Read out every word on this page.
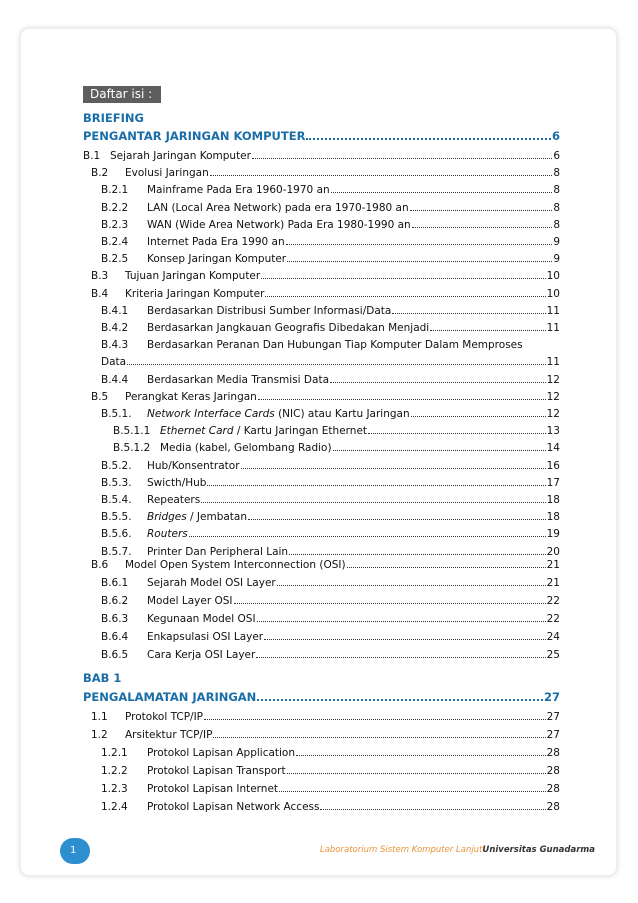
Daftar isi :
BRIEFING
PENGANTAR JARINGAN KOMPUTER	6
B.1 Sejarah Jaringan Komputer	6
B.2 Evolusi Jaringan	8
B.2.1 Mainframe Pada Era 1960-1970 an	8
B.2.2 LAN (Local Area Network) pada era 1970-1980 an	8
B.2.3 WAN (Wide Area Network) Pada Era 1980-1990 an	8
B.2.4 Internet Pada Era 1990 an	9
B.2.5 Konsep Jaringan Komputer	9
B.3 Tujuan Jaringan Komputer	10
B.4 Kriteria Jaringan Komputer	10
B.4.1 Berdasarkan Distribusi Sumber Informasi/Data	11
B.4.2 Berdasarkan Jangkauan Geografis Dibedakan Menjadi	11
B.4.3 Berdasarkan Peranan Dan Hubungan Tiap Komputer Dalam Memproses
Data	11
B.4.4 Berdasarkan Media Transmisi Data	12
B.5 Perangkat Keras Jaringan	12
B.5.1. Network Interface Cards (NIC) atau Kartu Jaringan	12
B.5.1.1 Ethernet Card / Kartu Jaringan Ethernet	13
B.5.1.2 Media (kabel, Gelombang Radio)	14
B.5.2. Hub/Konsentrator	16
B.5.3. Swicth/Hub	17
B.5.4. Repeaters	18
B.5.5. Bridges / Jembatan	18
B.5.6. Routers	19
B.5.7. Printer Dan Peripheral Lain	20
B.6 Model Open System Interconnection (OSI)	21
B.6.1 Sejarah Model OSI Layer	21
B.6.2 Model Layer OSI	22
B.6.3 Kegunaan Model OSI	22
B.6.4 Enkapsulasi OSI Layer	24
B.6.5 Cara Kerja OSI Layer	25
BAB 1
PENGALAMATAN JARINGAN	27
1.1 Protokol TCP/IP	27
1.2 Arsitektur TCP/IP	27
1.2.1 Protokol Lapisan Application	28
1.2.2 Protokol Lapisan Transport	28
1.2.3 Protokol Lapisan Internet	28
1.2.4 Protokol Lapisan Network Access	28
1	Laboratorium Sistem Komputer LanjutUniversitas Gunadarma
